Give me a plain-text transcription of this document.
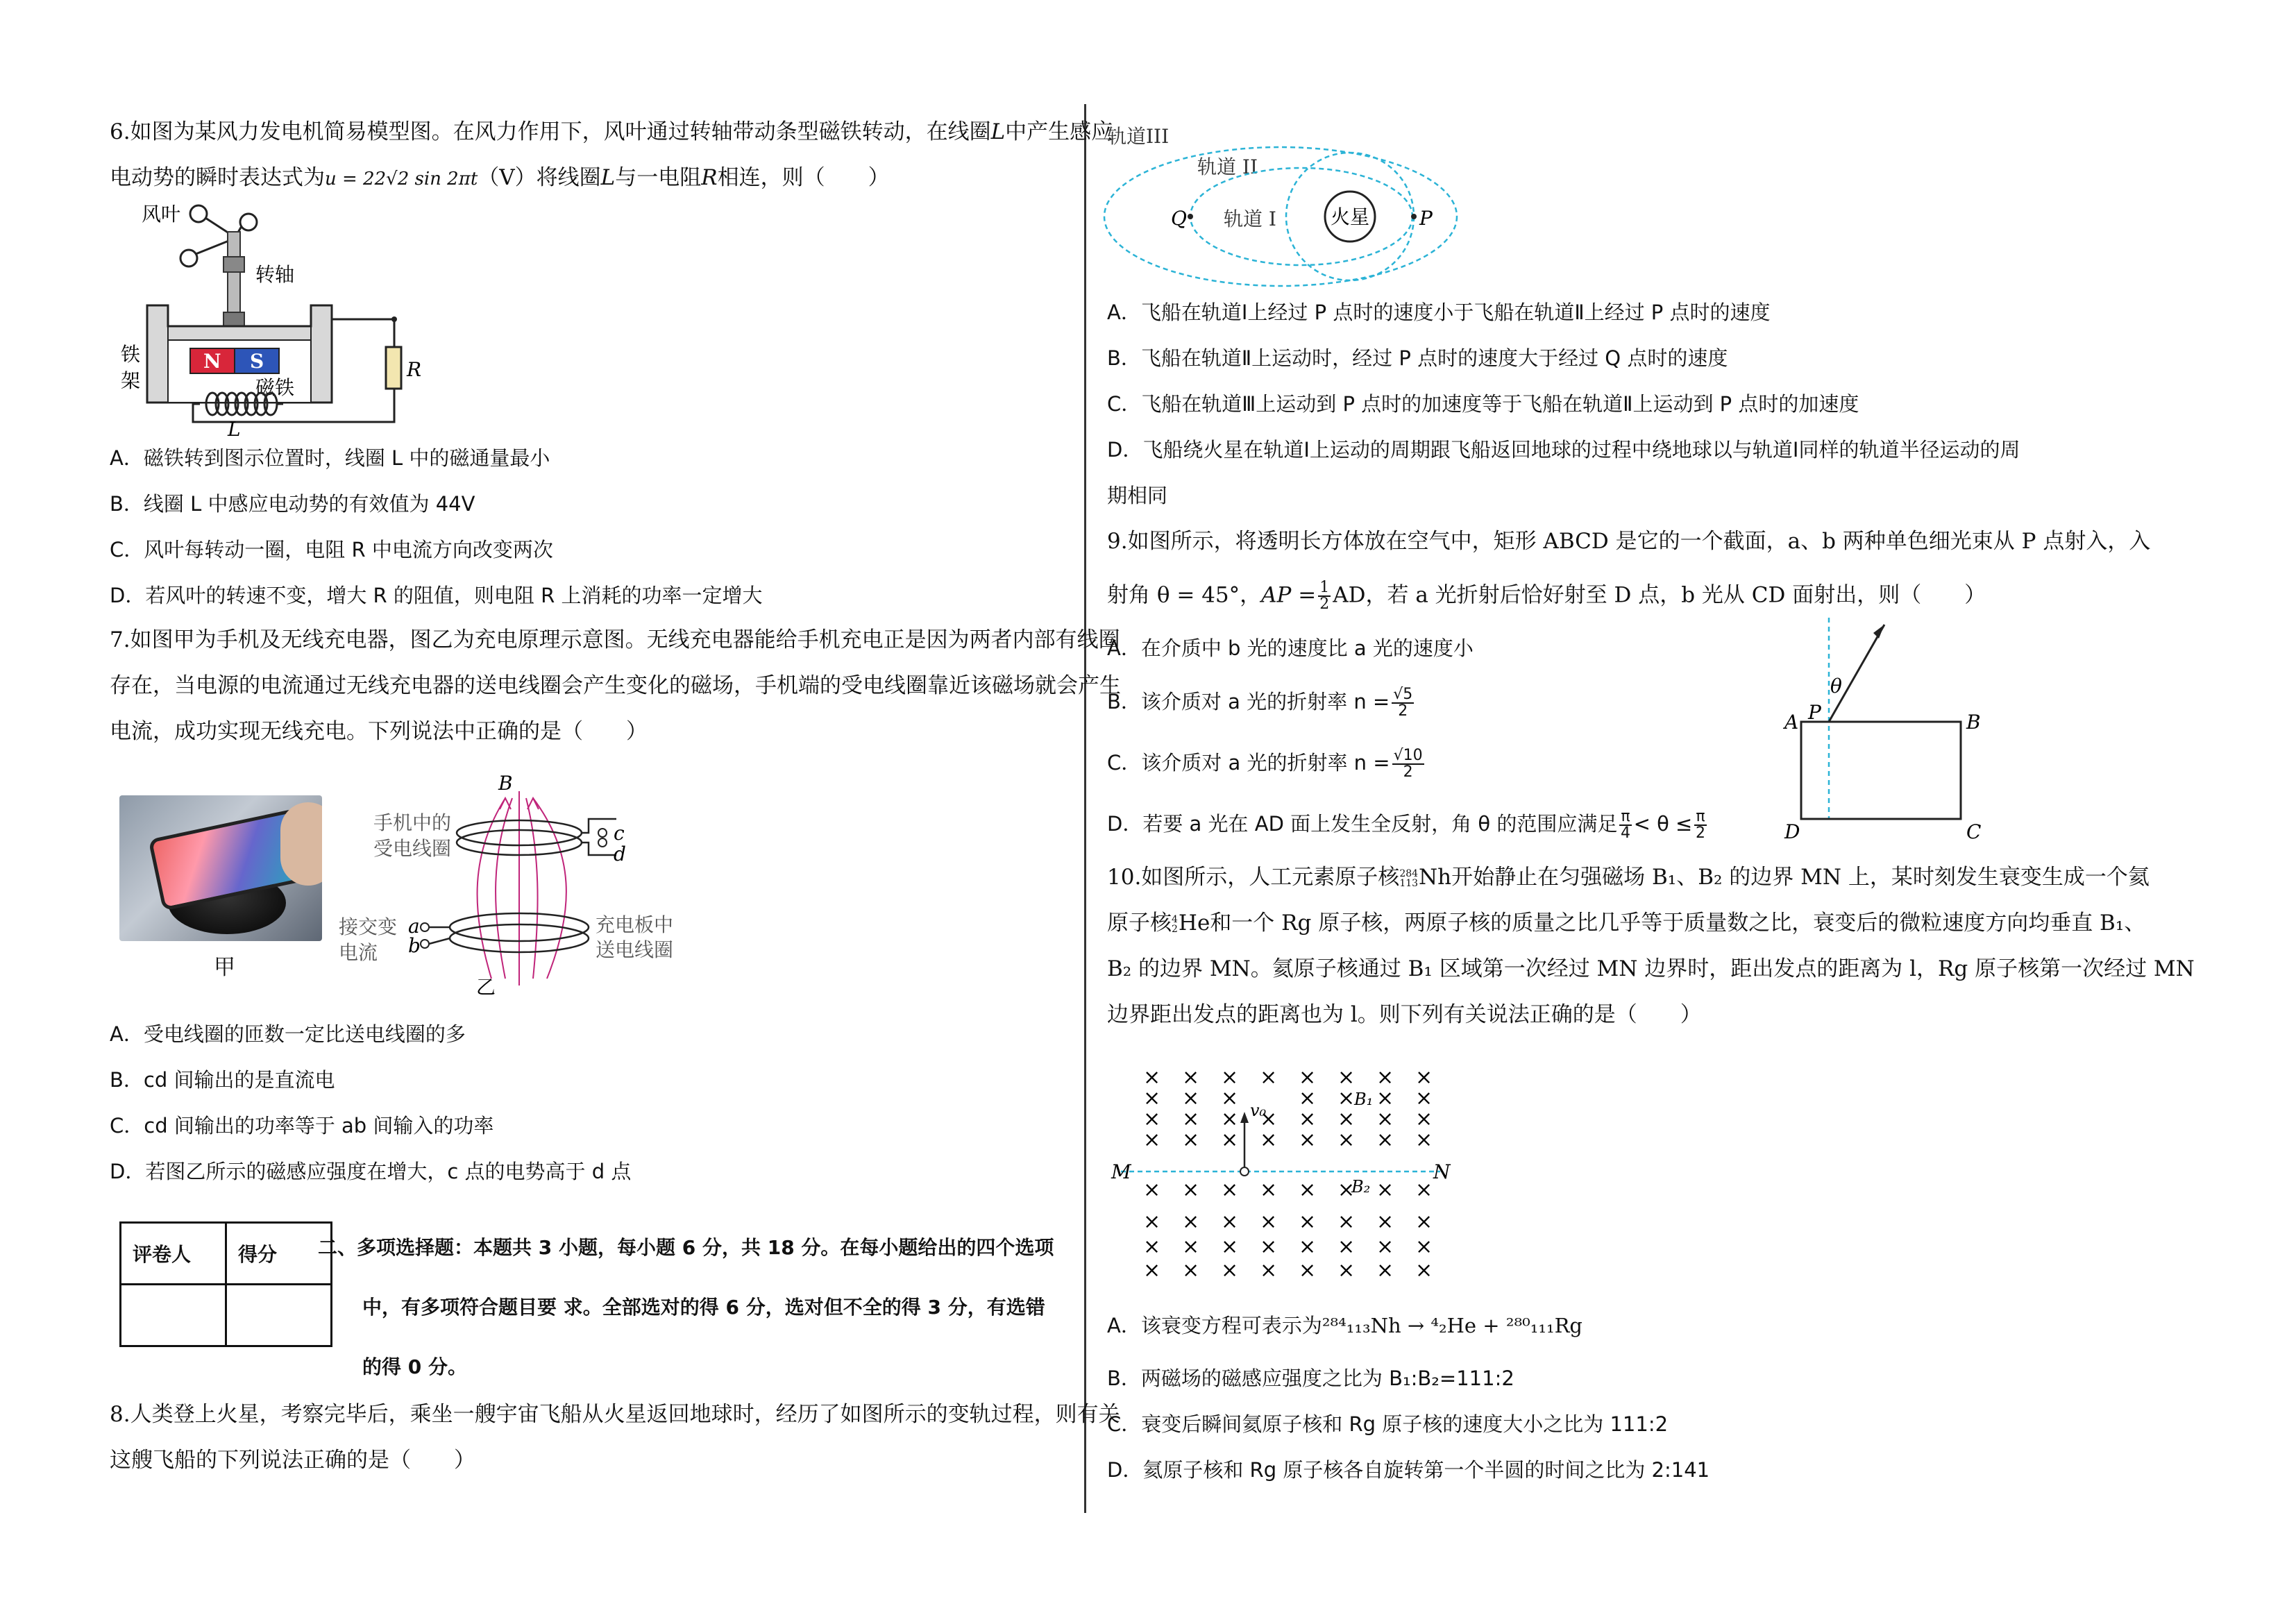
6.如图为某风力发电机简易模型图。在风力作用下，风叶通过转轴带动条型磁铁转动，在线圈L中产生感应
电动势的瞬时表达式为u = 22√2 sin 2πt（V）将线圈L与一电阻R相连，则（　　）
风叶
转轴
N S
磁铁
铁
架	R
L
A．磁铁转到图示位置时，线圈 L 中的磁通量最小
B．线圈 L 中感应电动势的有效值为 44V
C．风叶每转动一圈，电阻 R 中电流方向改变两次
D．若风叶的转速不变，增大 R 的阻值，则电阻 R 上消耗的功率一定增大
7.如图甲为手机及无线充电器，图乙为充电原理示意图。无线充电器能给手机充电正是因为两者内部有线圈
存在，当电源的电流通过无线充电器的送电线圈会产生变化的磁场，手机端的受电线圈靠近该磁场就会产生
电流，成功实现无线充电。下列说法中正确的是（　　）
甲
B
c
d
a
b
手机中的
受电线圈
接交变
电流
充电板中
送电线圈
乙
A．受电线圈的匝数一定比送电线圈的多
B．cd 间输出的是直流电
C．cd 间输出的功率等于 ab 间输入的功率
D．若图乙所示的磁感应强度在增大，c 点的电势高于 d 点
评卷人	得分
	二、多项选择题：本题共 3 小题，每小题 6 分，共 18 分。在每小题给出的四个选项
中，有多项符合题目要 求。全部选对的得 6 分，选对但不全的得 3 分，有选错
的得 0 分。
8.人类登上火星，考察完毕后，乘坐一艘宇宙飞船从火星返回地球时，经历了如图所示的变轨过程，则有关
这艘飞船的下列说法正确的是（　　）
轨道III
轨道 II
火星
轨道 I
Q	P
A．飞船在轨道Ⅰ上经过 P 点时的速度小于飞船在轨道Ⅱ上经过 P 点时的速度
B．飞船在轨道Ⅱ上运动时，经过 P 点时的速度大于经过 Q 点时的速度
C．飞船在轨道Ⅲ上运动到 P 点时的加速度等于飞船在轨道Ⅱ上运动到 P 点时的加速度
D．飞船绕火星在轨道Ⅰ上运动的周期跟飞船返回地球的过程中绕地球以与轨道Ⅰ同样的轨道半径运动的周
期相同
9.如图所示，将透明长方体放在空气中，矩形 ABCD 是它的一个截面，a、b 两种单色细光束从 P 点射入，入
射角 θ = 45°，AP = $\frac{1}{2}$ AD，若 a 光折射后恰好射至 D 点，b 光从 CD 面射出，则（　　）
A．在介质中 b 光的速度比 a 光的速度小
B．该介质对 a 光的折射率 $n = \frac{√5}{2}$
C．该介质对 a 光的折射率 $n = \frac{√10}{2}$
D．若要 a 光在 AD 面上发生全反射，角 θ 的范围应满足 $\frac{\pi}{4} < \theta \le \frac{\pi}{2}$
θ
P
A	B
C
D
10.如图所示，人工元素原子核 284
113 Nh开始静止在匀强磁场 B₁、B₂ 的边界 MN 上，某时刻发生衰变生成一个氦
原子核 4
2 He和一个 Rg 原子核，两原子核的质量之比几乎等于质量数之比，衰变后的微粒速度方向均垂直 B₁、
B₂ 的边界 MN。氦原子核通过 B₁ 区域第一次经过 MN 边界时，距出发点的距离为 l，Rg 原子核第一次经过 MN
边界距出发点的距离也为 l。则下列有关说法正确的是（　　）
M	N
v₀
B₁
B₂
× × × × × × × ×
× × ×	× × × ×
× × × × × × × ×
× × × × × × × ×
× × × × × × × ×
× × × × × × × ×
× × × × × × × ×
× × × × × × × ×
A．该衰变方程可表示为²⁸⁴₁₁₃Nh → ⁴₂He + ²⁸⁰₁₁₁Rg
B．两磁场的磁感应强度之比为 B₁:B₂=111:2
C．衰变后瞬间氦原子核和 Rg 原子核的速度大小之比为 111:2
D．氦原子核和 Rg 原子核各自旋转第一个半圆的时间之比为 2:141
